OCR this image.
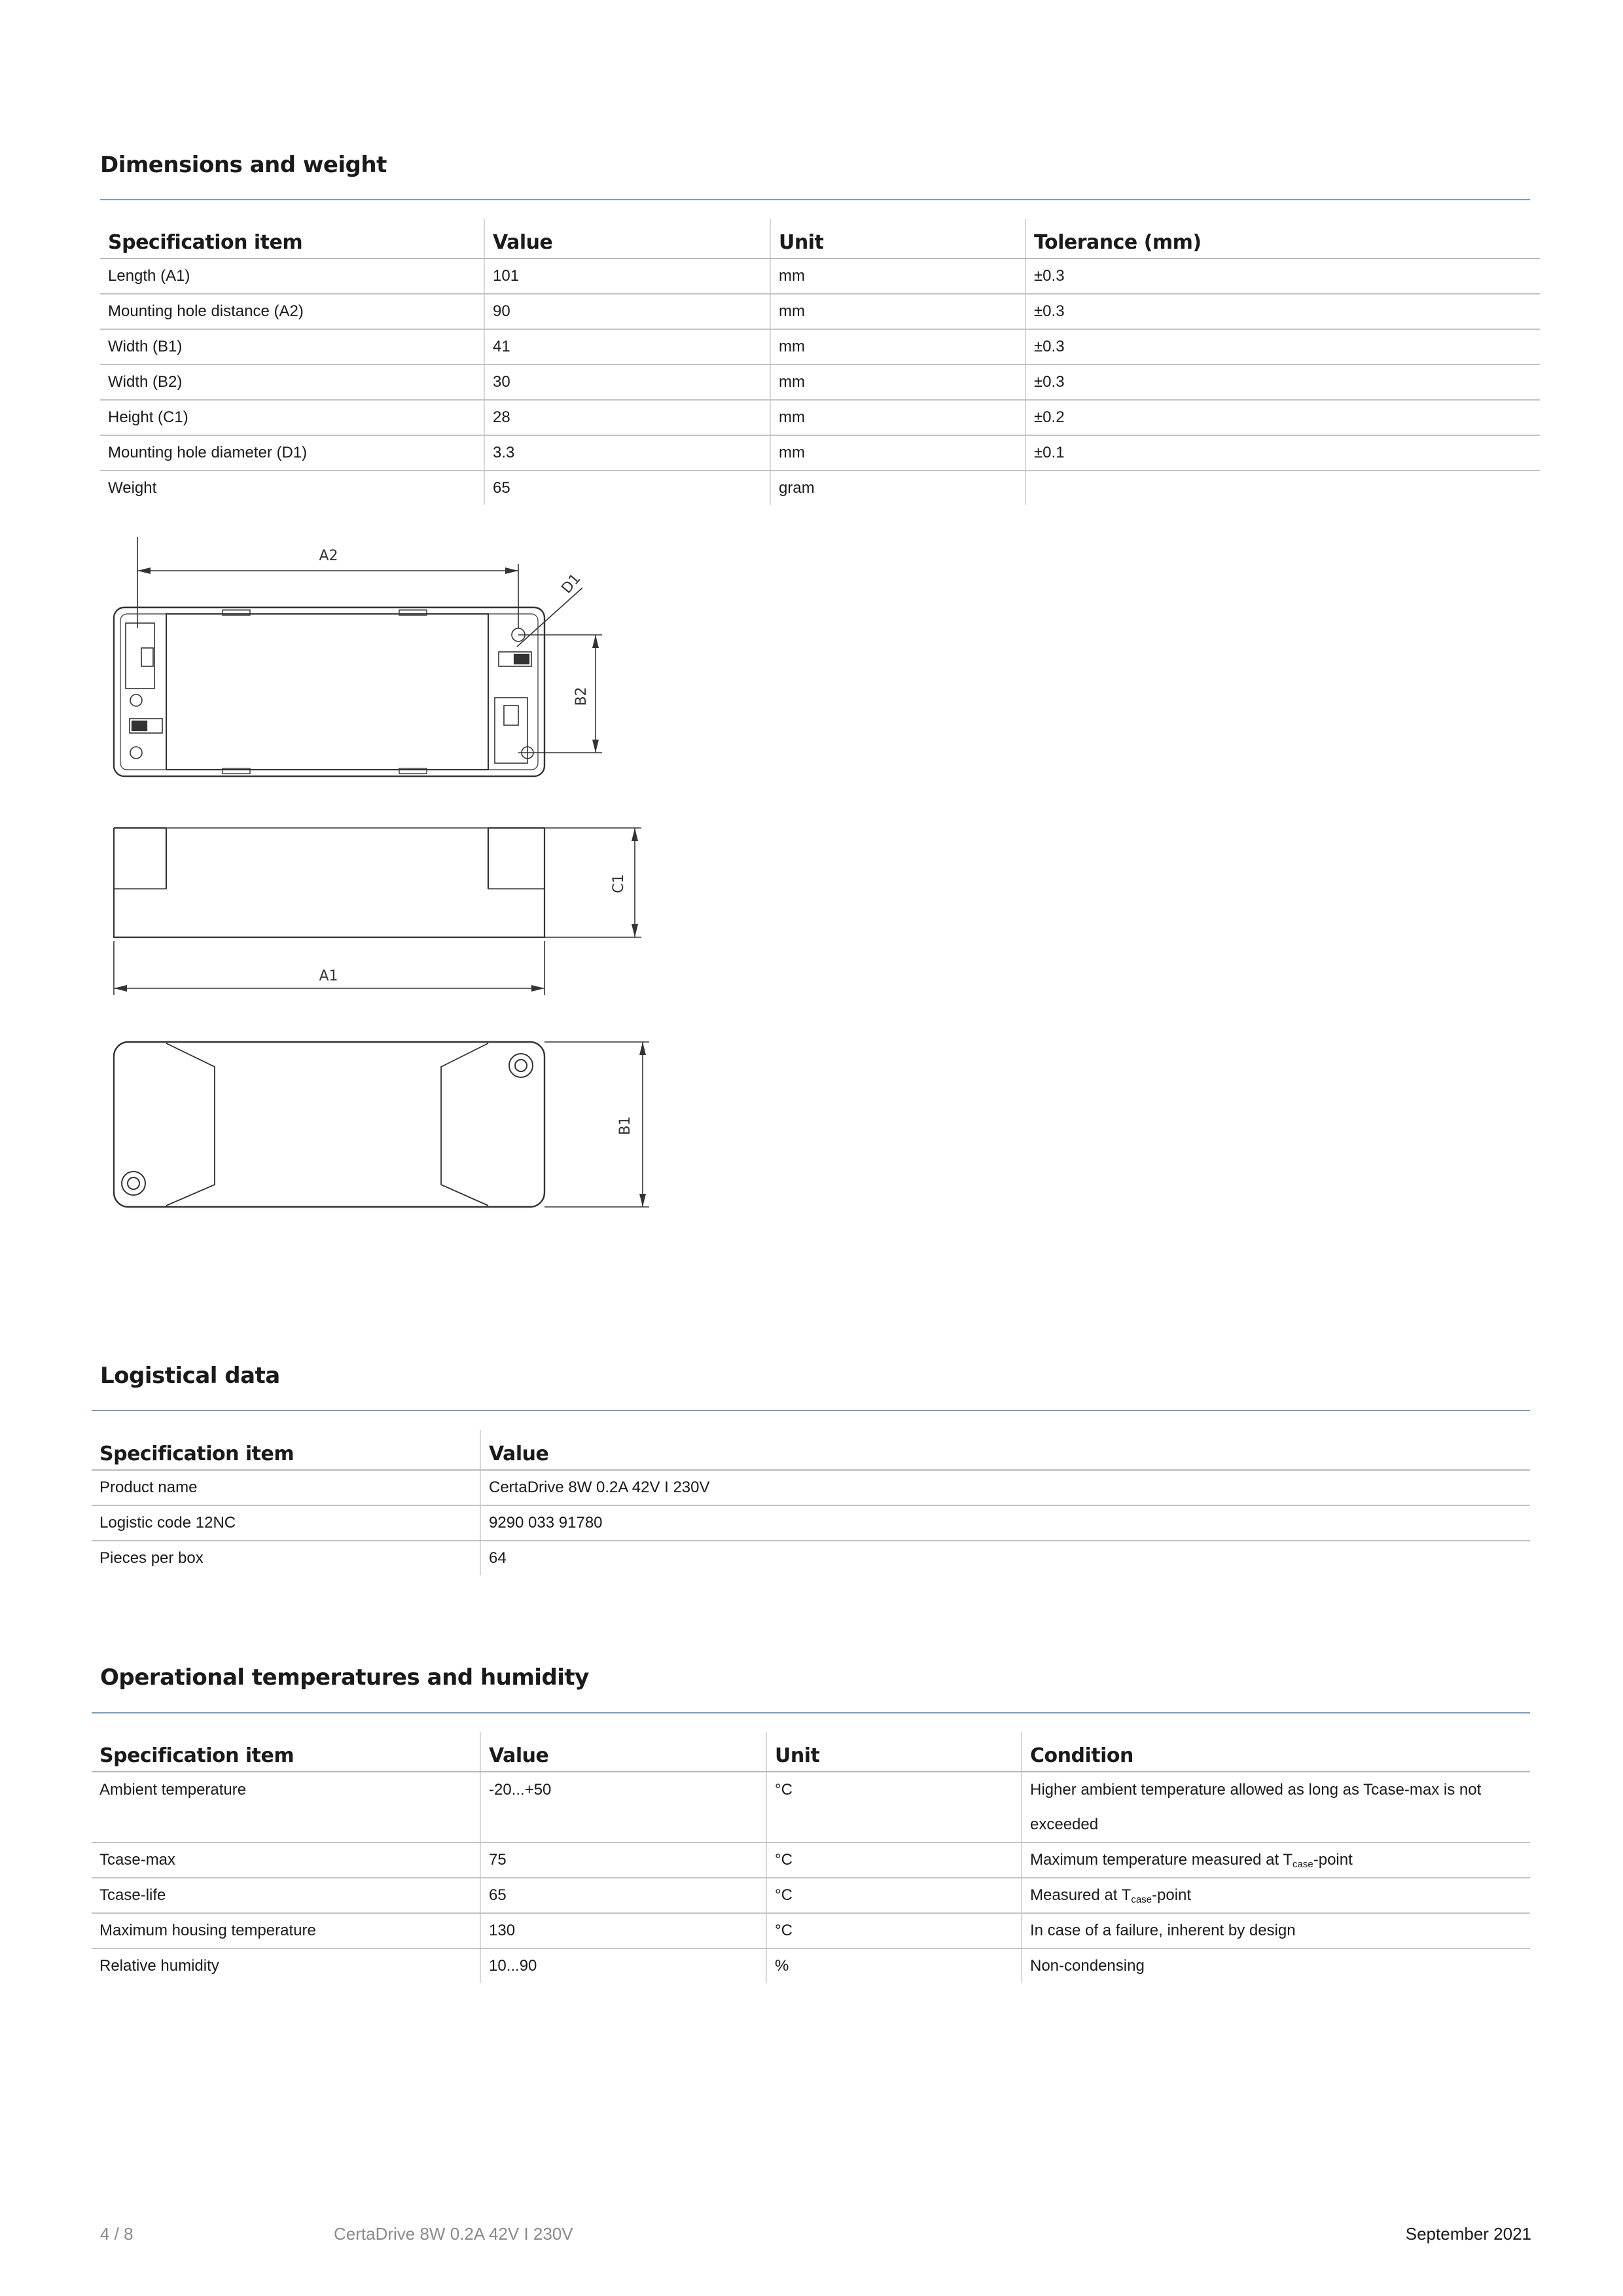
Dimensions and weight
Specification item	Value	Unit	Tolerance (mm)
Length (A1)	101	mm	±0.3
Mounting hole distance (A2)	90	mm	±0.3
Width (B1)	41	mm	±0.3
Width (B2)	30	mm	±0.3
Height (C1)	28	mm	±0.2
Mounting hole diameter (D1)	3.3	mm	±0.1
Weight	65	gram	
A2
D1
B2
C1
A1
B1
Logistical data
Specification item	Value
Product name	CertaDrive 8W 0.2A 42V I 230V
Logistic code 12NC	9290 033 91780
Pieces per box	64
Operational temperatures and humidity
Specification item	Value	Unit	Condition
Ambient temperature	-20...+50	°C	Higher ambient temperature allowed as long as Tcase-max is not exceeded
Tcase-max	75	°C	Maximum temperature measured at $T_{case}$-point
Tcase-life	65	°C	Measured at $T_{case}$-point
Maximum housing temperature	130	°C	In case of a failure, inherent by design
Relative humidity	10...90	%	Non-condensing
4 / 8	CertaDrive 8W 0.2A 42V I 230V	September 2021
